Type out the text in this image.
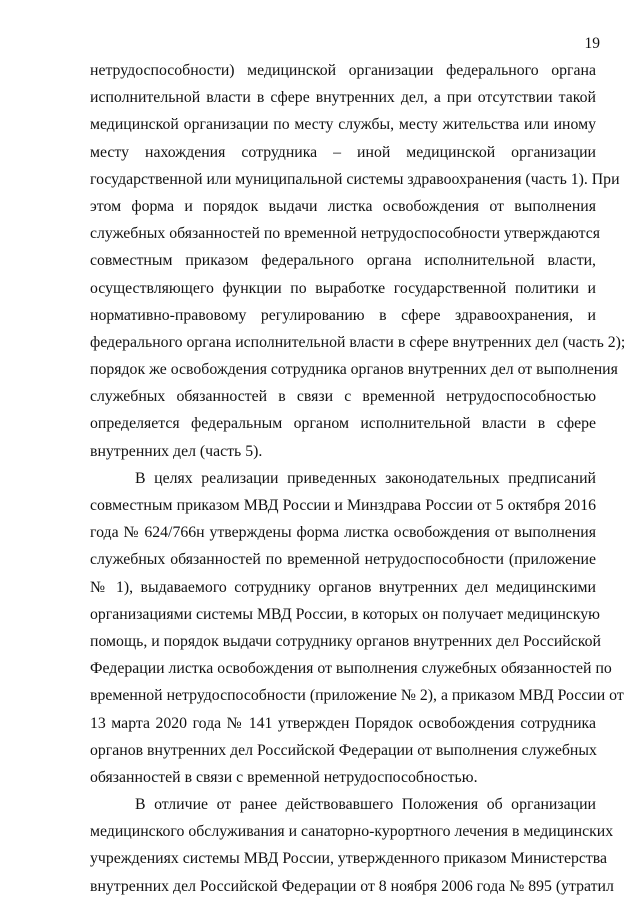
19
нетрудоспособности) медицинской организации федерального органа
исполнительной власти в сфере внутренних дел, а при отсутствии такой
медицинской организации по месту службы, месту жительства или иному
месту нахождения сотрудника – иной медицинской организации
государственной или муниципальной системы здравоохранения (часть 1). При
этом форма и порядок выдачи листка освобождения от выполнения
служебных обязанностей по временной нетрудоспособности утверждаются
совместным приказом федерального органа исполнительной власти,
осуществляющего функции по выработке государственной политики и
нормативно-правовому регулированию в сфере здравоохранения, и
федерального органа исполнительной власти в сфере внутренних дел (часть 2);
порядок же освобождения сотрудника органов внутренних дел от выполнения
служебных обязанностей в связи с временной нетрудоспособностью
определяется федеральным органом исполнительной власти в сфере
внутренних дел (часть 5).
В целях реализации приведенных законодательных предписаний
совместным приказом МВД России и Минздрава России от 5 октября 2016
года № 624/766н утверждены форма листка освобождения от выполнения
служебных обязанностей по временной нетрудоспособности (приложение
№ 1), выдаваемого сотруднику органов внутренних дел медицинскими
организациями системы МВД России, в которых он получает медицинскую
помощь, и порядок выдачи сотруднику органов внутренних дел Российской
Федерации листка освобождения от выполнения служебных обязанностей по
временной нетрудоспособности (приложение № 2), а приказом МВД России от
13 марта 2020 года № 141 утвержден Порядок освобождения сотрудника
органов внутренних дел Российской Федерации от выполнения служебных
обязанностей в связи с временной нетрудоспособностью.
В отличие от ранее действовавшего Положения об организации
медицинского обслуживания и санаторно-курортного лечения в медицинских
учреждениях системы МВД России, утвержденного приказом Министерства
внутренних дел Российской Федерации от 8 ноября 2006 года № 895 (утратил
